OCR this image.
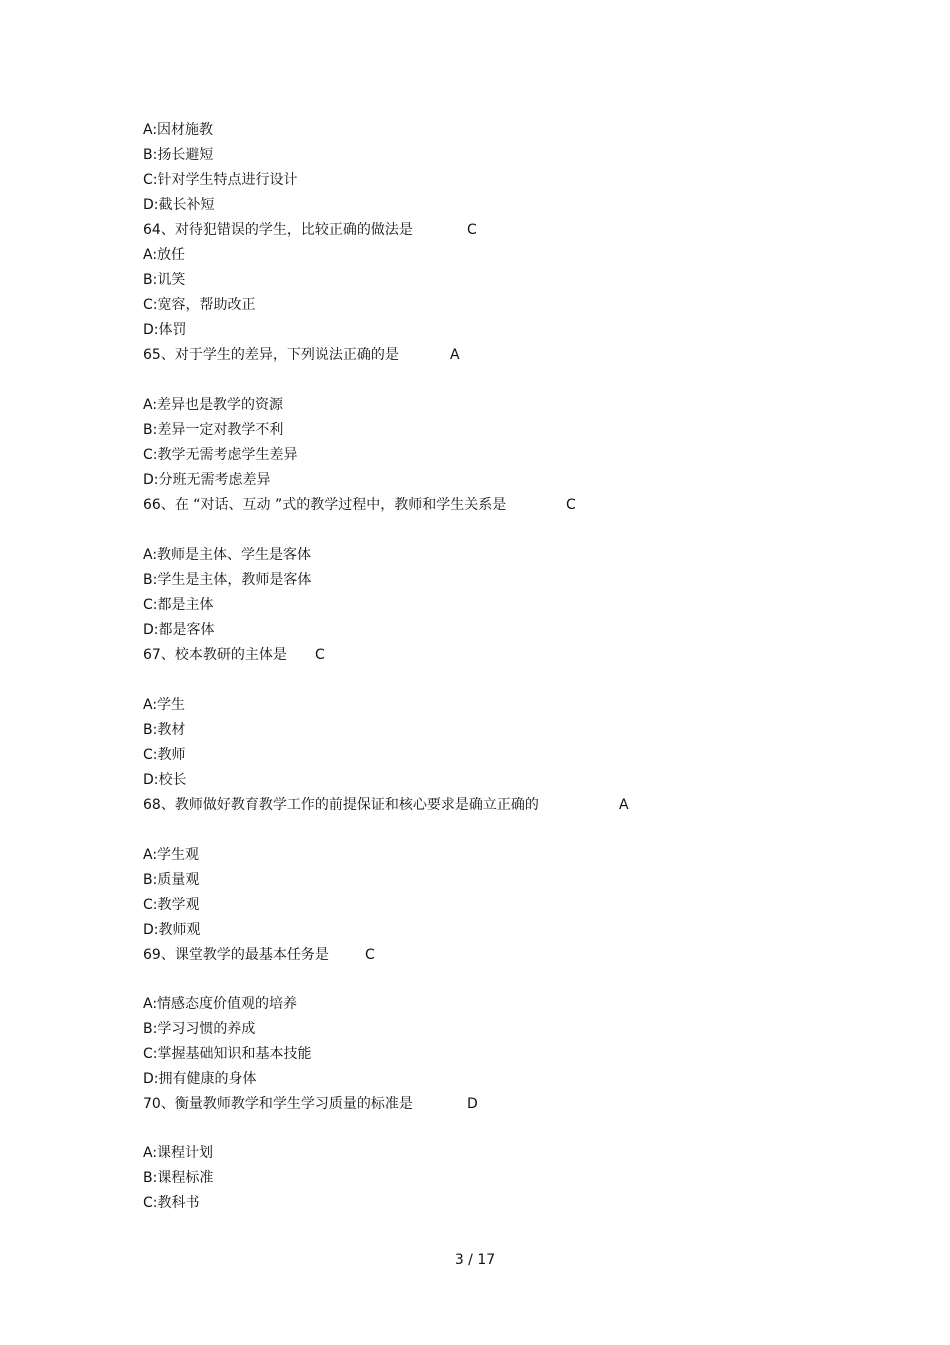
A:因材施教
B:扬长避短
C:针对学生特点进行设计
D:截长补短
64、对待犯错误的学生，比较正确的做法是	C
A:放任
B:讥笑
C:宽容，帮助改正
D:体罚
65、对于学生的差异，下列说法正确的是	A
A:差异也是教学的资源
B:差异一定对教学不利
C:教学无需考虑学生差异
D:分班无需考虑差异
66、在 “对话、互动 ”式的教学过程中，教师和学生关系是	C
A:教师是主体、学生是客体
B:学生是主体，教师是客体
C:都是主体
D:都是客体
67、校本教研的主体是 C
A:学生
B:教材
C:教师
D:校长
68、教师做好教育教学工作的前提保证和核心要求是确立正确的	A
A:学生观
B:质量观
C:教学观
D:教师观
69、课堂教学的最基本任务是	C
A:情感态度价值观的培养
B:学习习惯的养成
C:掌握基础知识和基本技能
D:拥有健康的身体
70、衡量教师教学和学生学习质量的标准是	D
A:课程计划
B:课程标准
C:教科书
3 / 17
